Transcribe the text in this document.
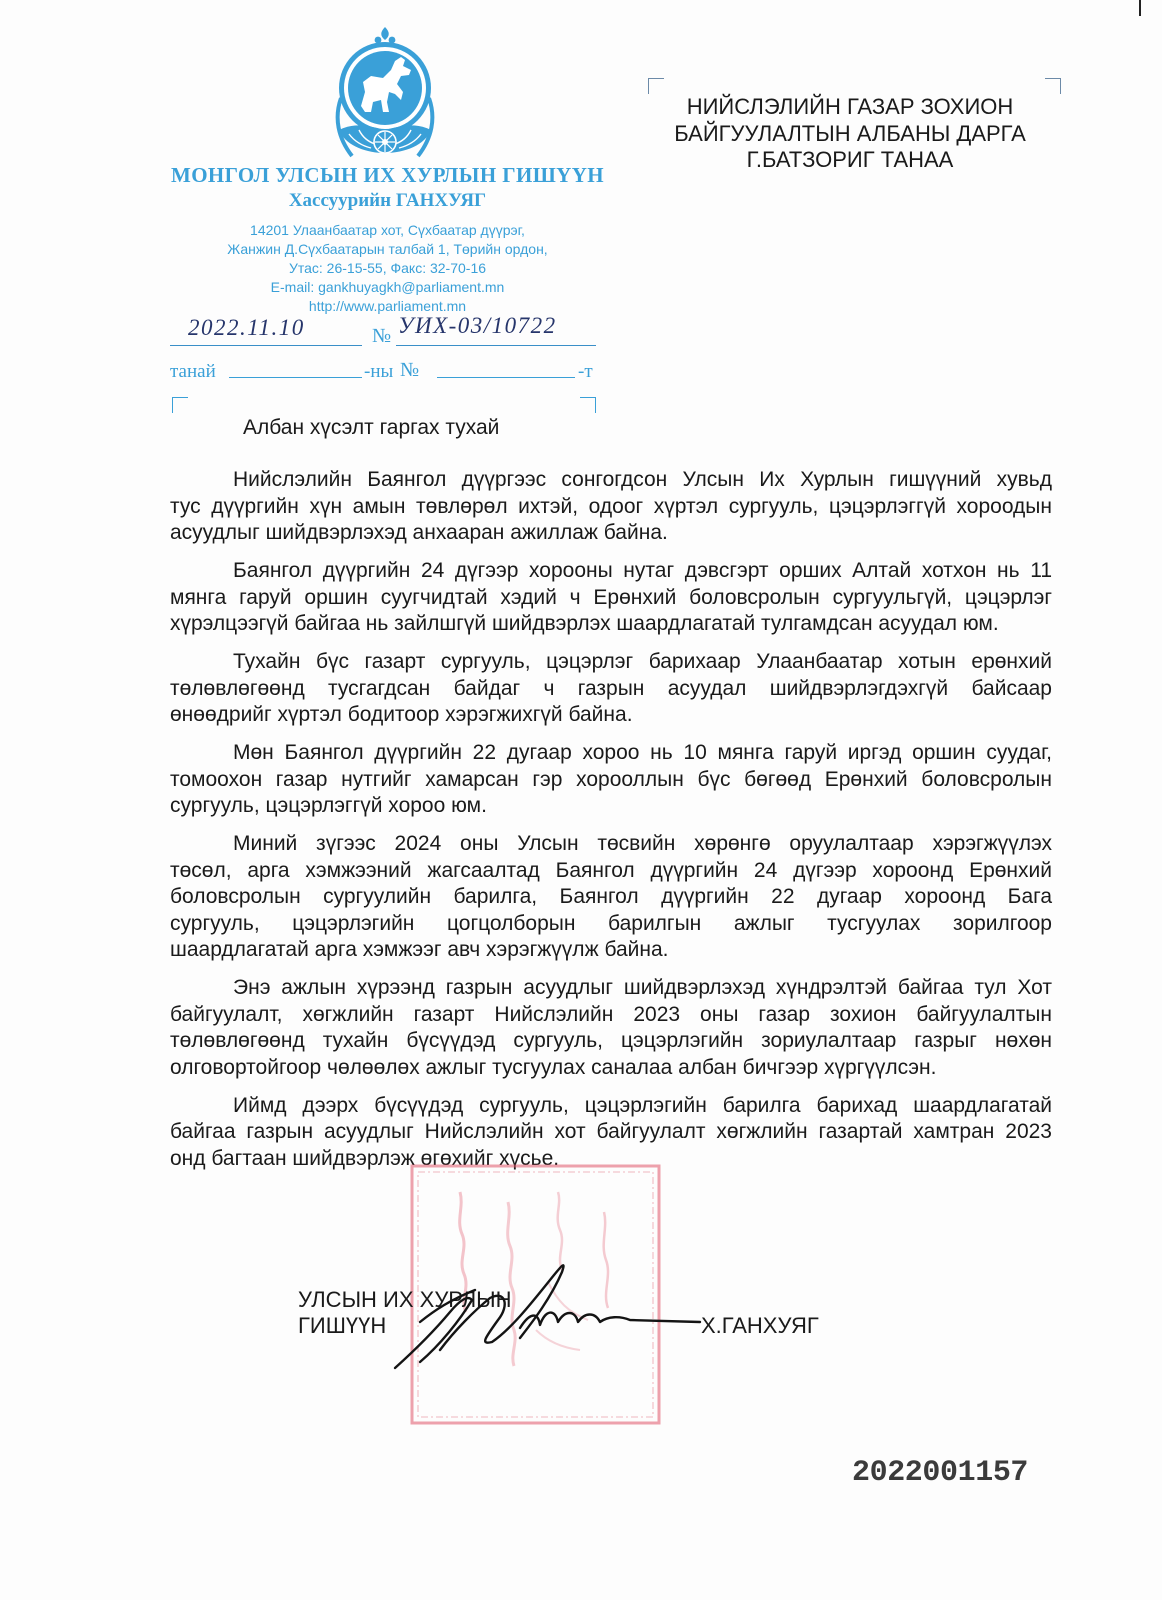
МОНГОЛ УЛСЫН ИХ ХУРЛЫН ГИШҮҮН
Хассуурийн ГАНХУЯГ
14201 Улаанбаатар хот, Сүхбаатар дүүрэг,
Жанжин Д.Сүхбаатарын талбай 1, Төрийн ордон,
Утас: 26-15-55, Факс: 32-70-16
E-mail: gankhuyagkh@parliament.mn
http://www.parliament.mn
2022.11.10	№ УИХ-03/10722
танай	-ны №	-т
НИЙСЛЭЛИЙН ГАЗАР ЗОХИОН
БАЙГУУЛАЛТЫН АЛБАНЫ ДАРГА
Г.БАТЗОРИГ ТАНАА
Албан хүсэлт гаргах тухай
Нийслэлийн Баянгол дүүргээс сонгогдсон Улсын Их Хурлын гишүүний хувьд
тус дүүргийн хүн амын төвлөрөл ихтэй, одоог хүртэл сургууль, цэцэрлэггүй хороодын
асуудлыг шийдвэрлэхэд анхааран ажиллаж байна.
Баянгол дүүргийн 24 дүгээр хорооны нутаг дэвсгэрт орших Алтай хотхон нь 11
мянга гаруй оршин суугчидтай хэдий ч Ерөнхий боловсролын сургуульгүй, цэцэрлэг
хүрэлцээгүй байгаа нь зайлшгүй шийдвэрлэх шаардлагатай тулгамдсан асуудал юм.
Тухайн бүс газарт сургууль, цэцэрлэг барихаар Улаанбаатар хотын ерөнхий
төлөвлөгөөнд тусгагдсан байдаг ч газрын асуудал шийдвэрлэгдэхгүй байсаар
өнөөдрийг хүртэл бодитоор хэрэгжихгүй байна.
Мөн Баянгол дүүргийн 22 дугаар хороо нь 10 мянга гаруй иргэд оршин суудаг,
томоохон газар нутгийг хамарсан гэр хорооллын бүс бөгөөд Ерөнхий боловсролын
сургууль, цэцэрлэггүй хороо юм.
Миний зүгээс 2024 оны Улсын төсвийн хөрөнгө оруулалтаар хэрэгжүүлэх
төсөл, арга хэмжээний жагсаалтад Баянгол дүүргийн 24 дүгээр хороонд Ерөнхий
боловсролын сургуулийн барилга, Баянгол дүүргийн 22 дугаар хороонд Бага
сургууль, цэцэрлэгийн цогцолборын барилгын ажлыг тусгуулах зорилгоор
шаардлагатай арга хэмжээг авч хэрэгжүүлж байна.
Энэ ажлын хүрээнд газрын асуудлыг шийдвэрлэхэд хүндрэлтэй байгаа тул Хот
байгуулалт, хөгжлийн газарт Нийслэлийн 2023 оны газар зохион байгуулалтын
төлөвлөгөөнд тухайн бүсүүдэд сургууль, цэцэрлэгийн зориулалтаар газрыг нөхөн
олговортойгоор чөлөөлөх ажлыг тусгуулах саналаа албан бичгээр хүргүүлсэн.
Иймд дээрх бүсүүдэд сургууль, цэцэрлэгийн барилга барихад шаардлагатай
байгаа газрын асуудлыг Нийслэлийн хот байгуулалт хөгжлийн газартай хамтран 2023
онд багтаан шийдвэрлэж өгөхийг хүсье.
УЛСЫН ИХ ХУРЛЫН
ГИШҮҮН	Х.ГАНХУЯГ
2022001157
